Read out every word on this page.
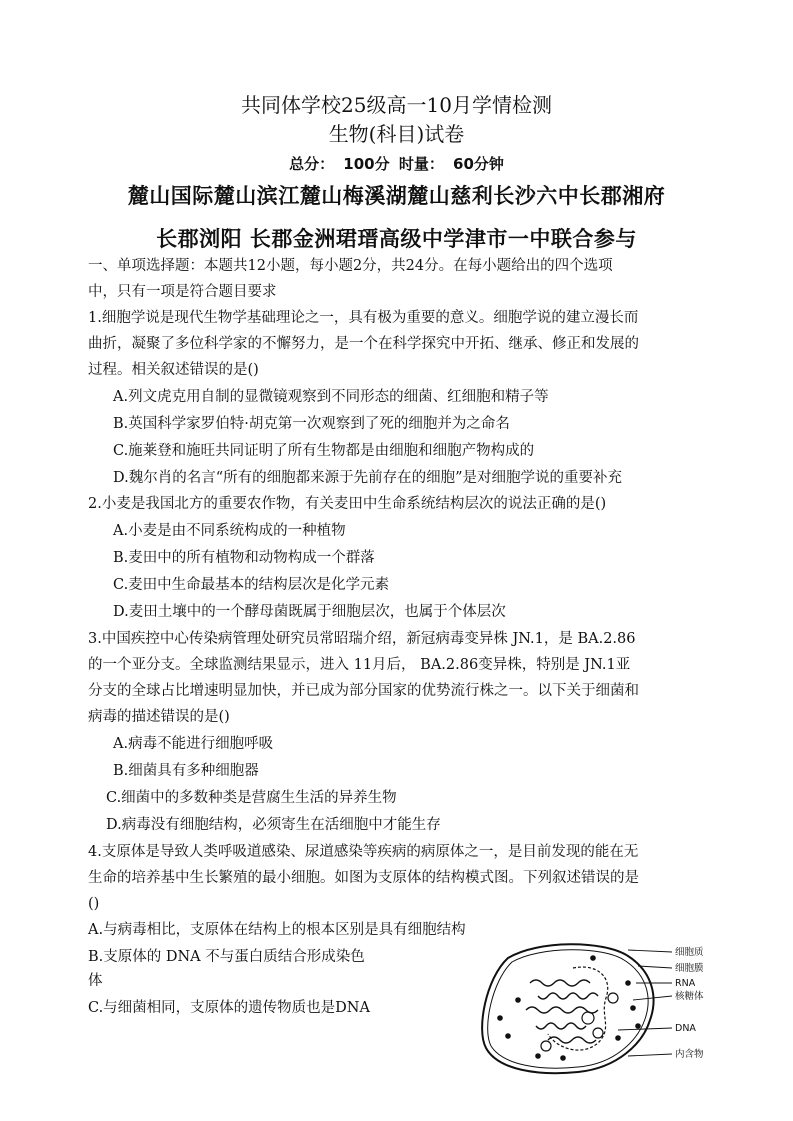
共同体学校25级高一10月学情检测
生物(科目)试卷
总分： 100分 时量： 60分钟
麓山国际麓山滨江麓山梅溪湖麓山慈利长沙六中长郡湘府
长郡浏阳 长郡金洲珺瑨高级中学津市一中联合参与
一、单项选择题：本题共12小题，每小题2分，共24分。在每小题给出的四个选项
中，只有一项是符合题目要求
1.细胞学说是现代生物学基础理论之一，具有极为重要的意义。细胞学说的建立漫长而
曲折，凝聚了多位科学家的不懈努力，是一个在科学探究中开拓、继承、修正和发展的
过程。相关叙述错误的是()
A.列文虎克用自制的显微镜观察到不同形态的细菌、红细胞和精子等
B.英国科学家罗伯特·胡克第一次观察到了死的细胞并为之命名
C.施莱登和施旺共同证明了所有生物都是由细胞和细胞产物构成的
D.魏尔肖的名言“所有的细胞都来源于先前存在的细胞”是对细胞学说的重要补充
2.小麦是我国北方的重要农作物，有关麦田中生命系统结构层次的说法正确的是()
A.小麦是由不同系统构成的一种植物
B.麦田中的所有植物和动物构成一个群落
C.麦田中生命最基本的结构层次是化学元素
D.麦田土壤中的一个酵母菌既属于细胞层次，也属于个体层次
3.中国疾控中心传染病管理处研究员常昭瑞介绍，新冠病毒变异株 JN.1，是 BA.2.86
的一个亚分支。全球监测结果显示，进入 11月后， BA.2.86变异株，特别是 JN.1亚
分支的全球占比增速明显加快，并已成为部分国家的优势流行株之一。以下关于细菌和
病毒的描述错误的是()
A.病毒不能进行细胞呼吸
B.细菌具有多种细胞器
C.细菌中的多数种类是营腐生生活的异养生物
D.病毒没有细胞结构，必须寄生在活细胞中才能生存
4.支原体是导致人类呼吸道感染、尿道感染等疾病的病原体之一，是目前发现的能在无
生命的培养基中生长繁殖的最小细胞。如图为支原体的结构模式图。下列叙述错误的是
()
A.与病毒相比，支原体在结构上的根本区别是具有细胞结构
B.支原体的 DNA 不与蛋白质结合形成染色
体
C.与细菌相同，支原体的遗传物质也是DNA
细胞质
细胞膜
RNA
核糖体
DNA
内含物
